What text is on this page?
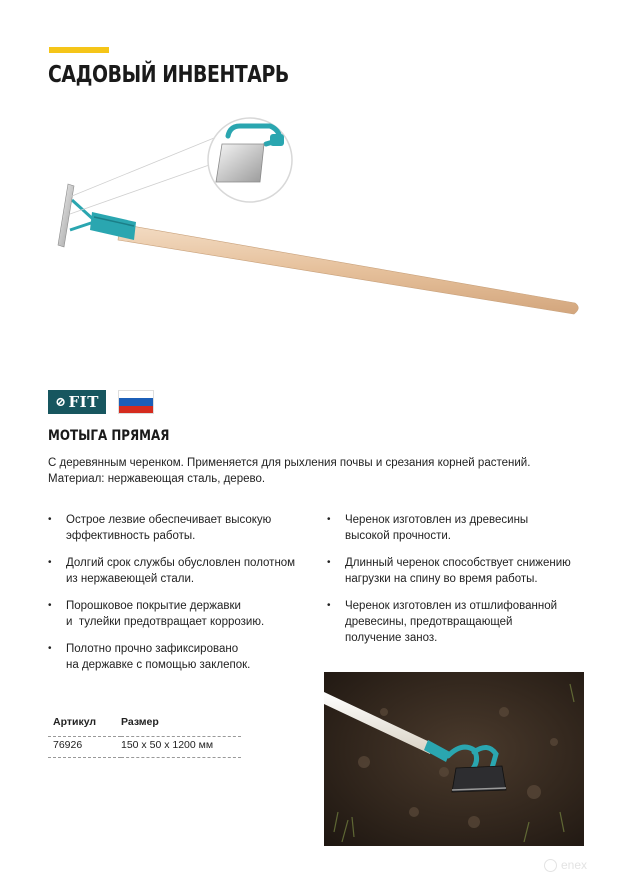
САДОВЫЙ ИНВЕНТАРЬ
⊘ FIT
МОТЫГА ПРЯМАЯ

С деревянным черенком. Применяется для рыхления почвы и срезания корней растений.

Материал: нержавеющая сталь, дерево.

• Острое лезвие обеспечивает высокую
эффективность работы.
• Долгий срок службы обусловлен полотном
из нержавеющей стали.
• Порошковое покрытие державки
и  тулейки предотвращает коррозию.
• Полотно прочно зафиксировано
на державке с помощью заклепок.
• Черенок изготовлен из древесины
высокой прочности.
• Длинный черенок способствует снижению
нагрузки на спину во время работы.
• Черенок изготовлен из отшлифованной
древесины, предотвращающей
получение заноз.
Артикул	Размер
76926	150 х 50 х 1200 мм
enex
